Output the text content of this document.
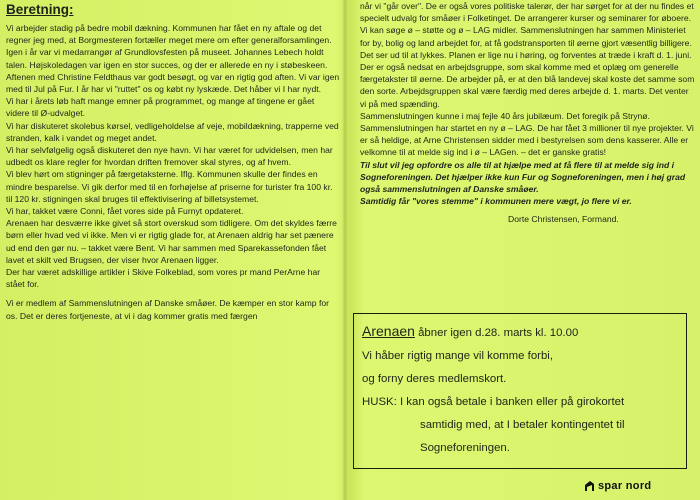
Beretning:

Vi arbejder stadig på bedre mobil dækning. Kommunen har fået en ny aftale og det regner jeg med, at Borgmesteren fortæller meget mere om efter generalforsamlingen.

Igen i år var vi medarrangør af Grundlovsfesten på museet. Johannes Lebech holdt talen. Højskoledagen var igen en stor succes, og der er allerede en ny i støbeskeen. Aftenen med Christine Feldthaus var godt besøgt, og var en rigtig god aften. Vi var igen med til Jul på Fur. I år har vi "ruttet" os og købt ny lyskæde. Det håber vi I har nydt.

Vi har i årets løb haft mange emner på programmet, og mange af tingene er gået videre til Ø-udvalget.

Vi har diskuteret skolebus kørsel, vedligeholdelse af veje, mobildækning, trapperne ved stranden, kalk i vandet og meget andet.

Vi har selvfølgelig også diskuteret den nye havn. Vi har været for udvidelsen, men har udbedt os klare regler for hvordan driften fremover skal styres, og af hvem.

Vi blev hørt om stigninger på færgetaksterne. Iflg. Kommunen skulle der findes en mindre besparelse. Vi gik derfor med til en forhøjelse af priserne for turister fra 100 kr. til 120 kr. stigningen skal bruges til effektivisering af billetsystemet.

Vi har, takket være Conni, fået vores side på Furnyt opdateret.

Arenaen har desværre ikke givet så stort overskud som tidligere. Om det skyldes færre børn eller hvad ved vi ikke. Men vi er rigtig glade for, at Arenaen aldrig har set pænere ud end den gør nu. – takket være Bent. Vi har sammen med Sparekassefonden fået lavet et skilt ved Brugsen, der viser hvor Arenaen ligger.

Der har været adskillige artikler i Skive Folkeblad, som vores pr mand PerArne har stået for.

Vi er medlem af Sammenslutningen af Danske småøer. De kæmper en stor kamp for os. Det er deres fortjeneste, at vi i dag kommer gratis med færgen

når vi "går over". De er også vores politiske talerør, der har sørget for at der nu findes et specielt udvalg for småøer i Folketinget. De arrangerer kurser og seminarer for øboere. Vi kan søge ø – støtte og ø – LAG midler. Sammenslutningen har sammen Ministeriet for by, bolig og land arbejdet for, at få godstransporten til øerne gjort væsentlig billigere. Det ser ud til at lykkes. Planen er lige nu i høring, og forventes at træde i kraft d. 1. juni.

Der er også nedsat en arbejdsgruppe, som skal komme med et oplæg om generelle færgetakster til øerne. De arbejder på, er at den blå landevej skal koste det samme som den sorte. Arbejdsgruppen skal være færdig med deres arbejde d. 1. marts. Det venter vi på med spænding.

Sammenslutningen kunne i maj fejle 40 års jubilæum. Det foregik på Strynø.

Sammenslutningen har startet en ny ø – LAG. De har fået 3 millioner til nye projekter. Vi er så heldige, at Arne Christensen sidder med i bestyrelsen som dens kasserer. Alle er velkomne til at melde sig ind i ø – LAGen. – det er ganske gratis!

Til slut vil jeg opfordre os alle til at hjælpe med at få flere til at melde sig ind i Sogneforeningen. Det hjælper ikke kun Fur og Sogneforeningen, men i høj grad også sammenslutningen af Danske småøer.

Samtidig får "vores stemme" i kommunen mere vægt, jo flere vi er.

Dorte Christensen, Formand.
Arenaen åbner igen d.28. marts kl. 10.00
Vi håber rigtig mange vil komme forbi,
og forny deres medlemskort.
HUSK: I kan også betale i banken eller på girokortet
samtidig med, at I betaler kontingentet til
Sogneforeningen.
spar nord
